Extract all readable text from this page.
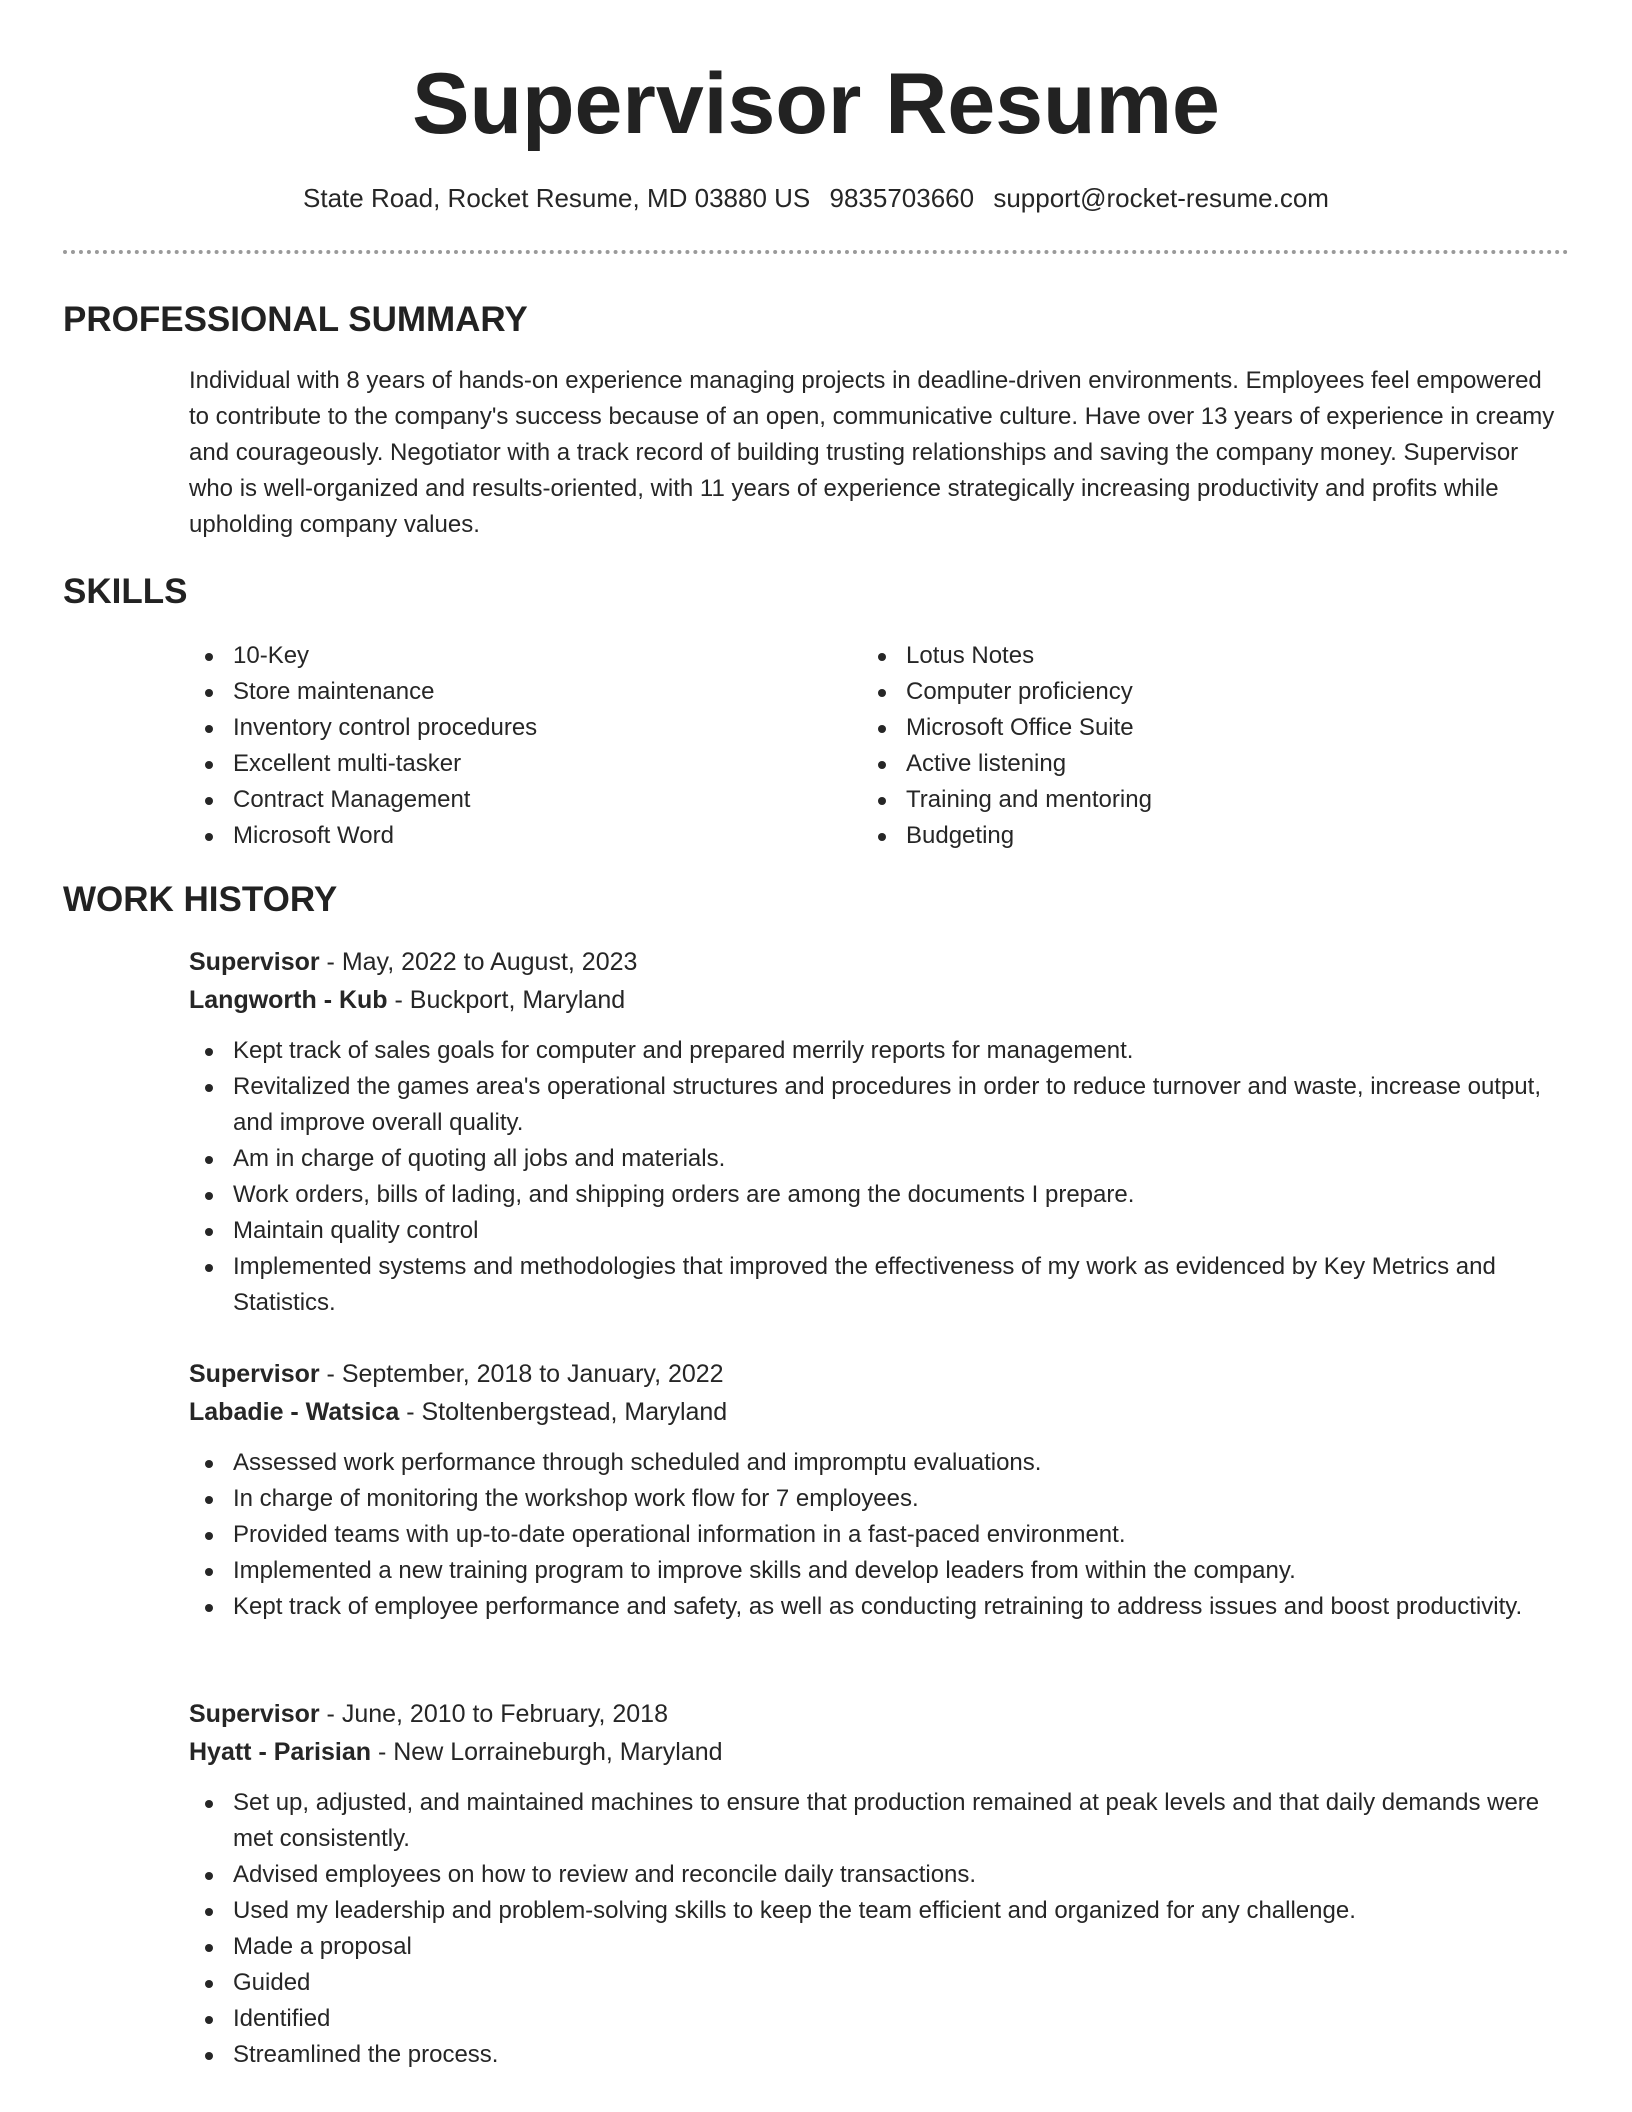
Supervisor Resume
State Road, Rocket Resume, MD 03880 US 9835703660 support@rocket-resume.com
PROFESSIONAL SUMMARY

Individual with 8 years of hands-on experience managing projects in deadline-driven environments. Employees feel empowered to contribute to the company's success because of an open, communicative culture. Have over 13 years of experience in creamy and courageously. Negotiator with a track record of building trusting relationships and saving the company money. Supervisor who is well-organized and results-oriented, with 11 years of experience strategically increasing productivity and profits while upholding company values.

SKILLS
10-Key
Store maintenance
Inventory control procedures
Excellent multi-tasker
Contract Management
Microsoft Word
Lotus Notes
Computer proficiency
Microsoft Office Suite
Active listening
Training and mentoring
Budgeting
WORK HISTORY
Supervisor - May, 2022 to August, 2023
Langworth - Kub - Buckport, Maryland
Kept track of sales goals for computer and prepared merrily reports for management.
Revitalized the games area's operational structures and procedures in order to reduce turnover and waste, increase output, and improve overall quality.
Am in charge of quoting all jobs and materials.
Work orders, bills of lading, and shipping orders are among the documents I prepare.
Maintain quality control
Implemented systems and methodologies that improved the effectiveness of my work as evidenced by Key Metrics and Statistics.
Supervisor - September, 2018 to January, 2022
Labadie - Watsica - Stoltenbergstead, Maryland
Assessed work performance through scheduled and impromptu evaluations.
In charge of monitoring the workshop work flow for 7 employees.
Provided teams with up-to-date operational information in a fast-paced environment.
Implemented a new training program to improve skills and develop leaders from within the company.
Kept track of employee performance and safety, as well as conducting retraining to address issues and boost productivity.
Supervisor - June, 2010 to February, 2018
Hyatt - Parisian - New Lorraineburgh, Maryland
Set up, adjusted, and maintained machines to ensure that production remained at peak levels and that daily demands were met consistently.
Advised employees on how to review and reconcile daily transactions.
Used my leadership and problem-solving skills to keep the team efficient and organized for any challenge.
Made a proposal
Guided
Identified
Streamlined the process.
